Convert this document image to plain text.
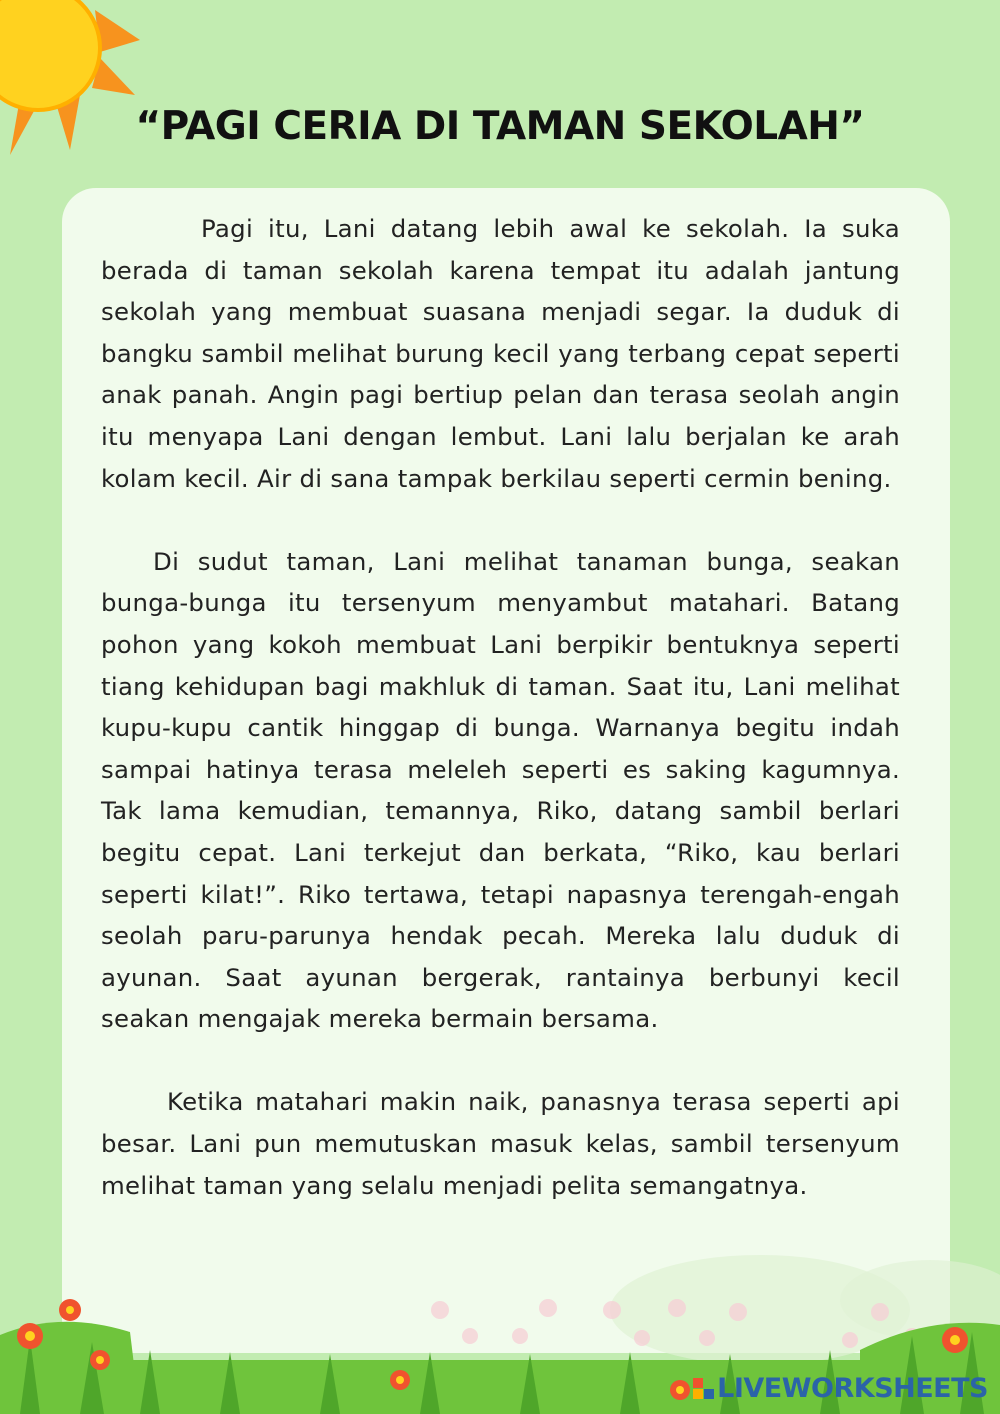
“PAGI CERIA DI TAMAN SEKOLAH”

Pagi itu, Lani datang lebih awal ke sekolah. Ia suka berada di taman sekolah karena tempat itu adalah jantung sekolah yang membuat suasana menjadi segar. Ia duduk di bangku sambil melihat burung kecil yang terbang cepat seperti anak panah. Angin pagi bertiup pelan dan terasa seolah angin itu menyapa Lani dengan lembut. Lani lalu berjalan ke arah kolam kecil. Air di sana tampak berkilau seperti cermin bening.

Di sudut taman, Lani melihat tanaman bunga, seakan bunga-bunga itu tersenyum menyambut matahari. Batang pohon yang kokoh membuat Lani berpikir bentuknya seperti tiang kehidupan bagi makhluk di taman. Saat itu, Lani melihat kupu-kupu cantik hinggap di bunga. Warnanya begitu indah sampai hatinya terasa meleleh seperti es saking kagumnya. Tak lama kemudian, temannya, Riko, datang sambil berlari begitu cepat. Lani terkejut dan berkata, “Riko, kau berlari seperti kilat!”. Riko tertawa, tetapi napasnya terengah-engah seolah paru-parunya hendak pecah. Mereka lalu duduk di ayunan. Saat ayunan bergerak, rantainya berbunyi kecil seakan mengajak mereka bermain bersama.

Ketika matahari makin naik, panasnya terasa seperti api besar. Lani pun memutuskan masuk kelas, sambil tersenyum melihat taman yang selalu menjadi pelita semangatnya.

LIVEWORKSHEETS
